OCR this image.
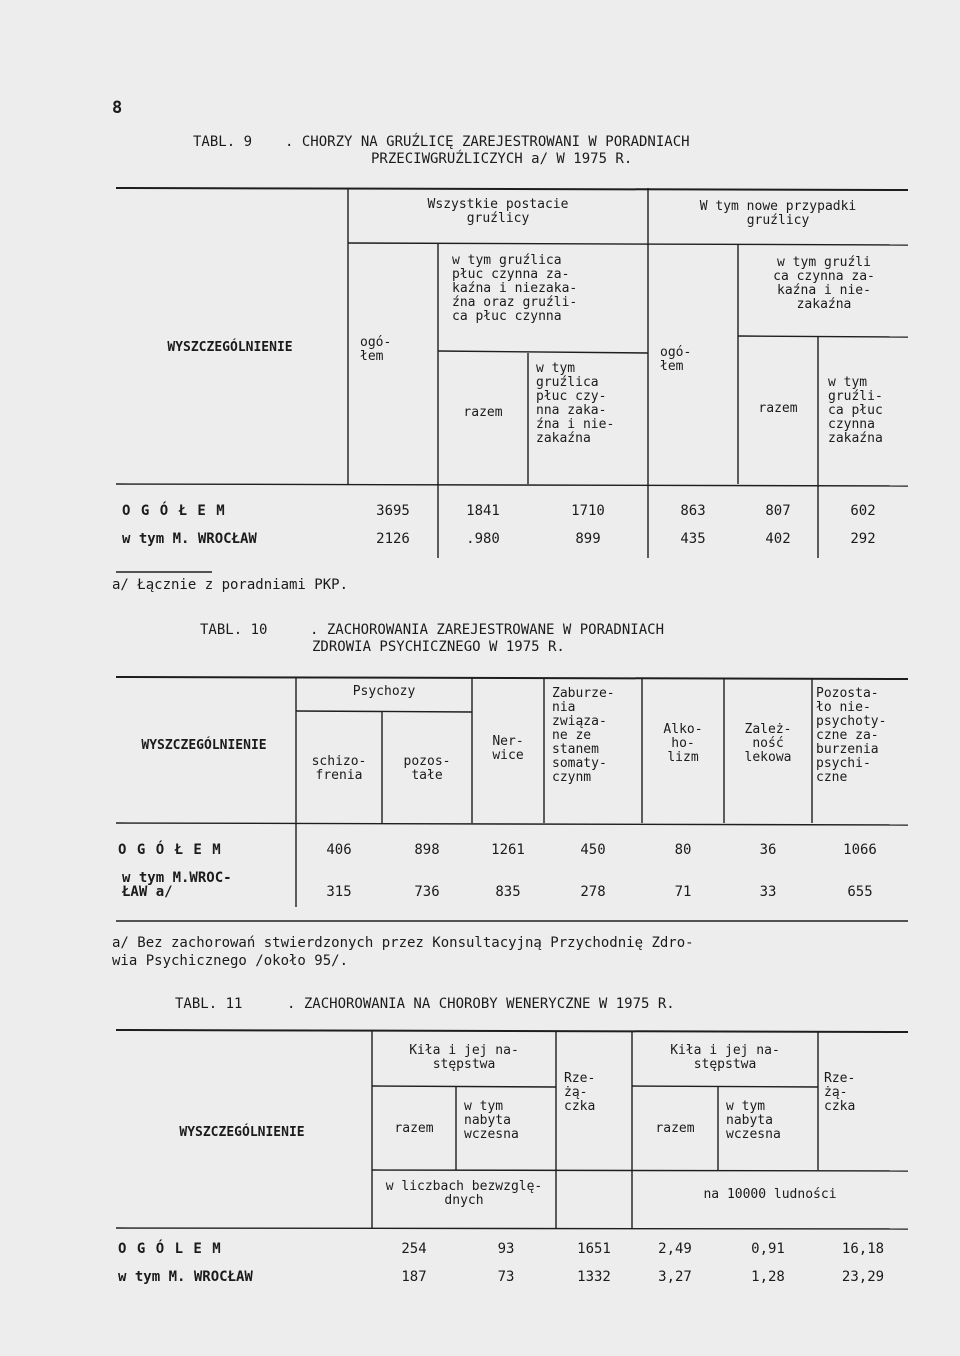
8
TABL. 9 . CHORZY NA GRUŹLICĘ ZAREJESTROWANI W PORADNIACH
PRZECIWGRUŹLICZYCH a/ W 1975 R.
WYSZCZEGÓLNIENIE
Wszystkie postacie
gruźlicy
W tym nowe przypadki
gruźlicy
ogó-
łem
w tym gruźlica
płuc czynna za-
kaźna i niezaka-
źna oraz gruźli-
ca płuc czynna
razem
w tym
gruźlica
płuc czy-
nna zaka-
źna i nie-
zakaźna
ogó-
łem
w tym gruźli
ca czynna za-
kaźna i nie-
zakaźna
razem
w tym
gruźli-
ca płuc
czynna
zakaźna
O G Ó Ł E M	3695	1841	1710	863	807	602
w tym M. WROCŁAW	2126	.980	899	435	402	292
a/ Łącznie z poradniami PKP.
TABL. 10	. ZACHOROWANIA ZAREJESTROWANE W PORADNIACH
ZDROWIA PSYCHICZNEGO W 1975 R.
WYSZCZEGÓLNIENIE
Psychozy
schizo-
frenia
pozos-
tałe
Ner-
wice
Zaburze-
nia
związa-
ne ze
stanem
somaty-
czynm
Alko-
ho-
lizm
Zależ-
ność
lekowa
Pozosta-
ło nie-
psychoty-
czne za-
burzenia
psychi-
czne
O G Ó Ł E M	406	898	1261	450	80	36	1066
w tym M.WROC-
ŁAW a/	315	736	835	278	71	33	655
a/ Bez zachorowań stwierdzonych przez Konsultacyjną Przychodnię Zdro-
wia Psychicznego /około 95/.
TABL. 11	. ZACHOROWANIA NA CHOROBY WENERYCZNE W 1975 R.
WYSZCZEGÓLNIENIE
Kiła i jej na-
stępstwa
razem
w tym
nabyta
wczesna
Rze-
żą-
czka
Kiła i jej na-
stępstwa
razem
w tym
nabyta
wczesna
Rze-
żą-
czka
w liczbach bezwzglę-
dnych	na 10000 ludności
O G Ó L E M	254	93	1651	2,49	0,91	16,18
w tym M. WROCŁAW	187	73	1332	3,27	1,28	23,29
